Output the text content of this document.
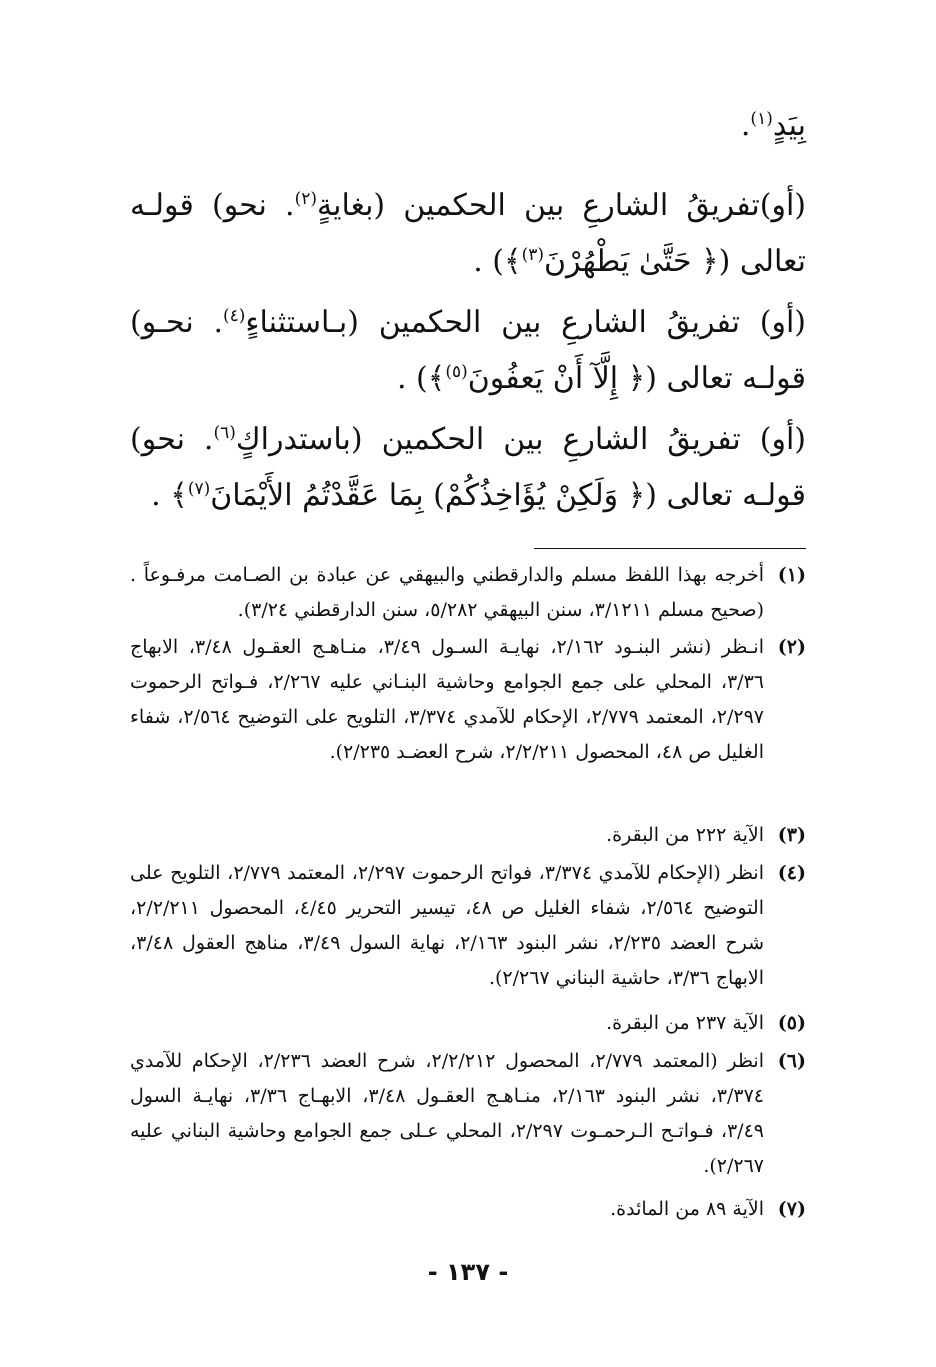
بِيَدٍ$^{(١)}$.
(أو)تفريقُ الشارعِ بين الحكمين (بغايةٍ$^{(٢)}$. نحو) قولـه تعالى (﴿ حَتَّىٰ يَطْهُرْنَ$^{(٣)}$﴾) .
(أو) تفريقُ الشارعِ بين الحكمين (بـاستثناءٍ$^{(٤)}$. نحـو) قولـه تعالى (﴿ إِلَّآ أَنْ يَعفُونَ$^{(٥)}$﴾) .
(أو) تفريقُ الشارعِ بين الحكمين (باستدراكٍ$^{(٦)}$. نحو) قولـه تعالى (﴿ وَلَكِنْ يُؤَاخِذُكُمْ) بِمَا عَقَّدْتُمُ الأَيْمَانَ$^{(٧)}$﴾ .
(١)
أخرجه بهذا اللفظ مسلم والدارقطني والبيهقي عن عبادة بن الصـامت مرفـوعاً . (صحيح مسلم ٣/١٢١١، سنن البيهقي ٥/٢٨٢، سنن الدارقطني ٣/٢٤).
(٢)
انـظر (نشر البنـود ٢/١٦٢، نهايـة السـول ٣/٤٩، منـاهـج العقـول ٣/٤٨، الابهاج ٣/٣٦، المحلي على جمع الجوامع وحاشية البنـاني عليه ٢/٢٦٧، فـواتح الرحموت ٢/٢٩٧، المعتمد ٢/٧٧٩، الإحكام للآمدي ٣/٣٧٤، التلويح على التوضيح ٢/٥٦٤، شفاء الغليل ص ٤٨، المحصول ٢/٢/٢١١، شرح العضـد ٢/٢٣٥).
(٣)
الآية ٢٢٢ من البقرة.
(٤)
انظر (الإحكام للآمدي ٣/٣٧٤، فواتح الرحموت ٢/٢٩٧، المعتمد ٢/٧٧٩، التلويح على التوضيح ٢/٥٦٤، شفاء الغليل ص ٤٨، تيسير التحرير ٤/٤٥، المحصول ٢/٢/٢١١، شرح العضد ٢/٢٣٥، نشر البنود ٢/١٦٣، نهاية السول ٣/٤٩، مناهج العقول ٣/٤٨، الابهاج ٣/٣٦، حاشية البناني ٢/٢٦٧).
(٥)
الآية ٢٣٧ من البقرة.
(٦)
انظر (المعتمد ٢/٧٧٩، المحصول ٢/٢/٢١٢، شرح العضد ٢/٢٣٦، الإحكام للآمدي ٣/٣٧٤، نشر البنود ٢/١٦٣، منـاهـج العقـول ٣/٤٨، الابهـاج ٣/٣٦، نهايـة السول ٣/٤٩، فـواتـح الـرحمـوت ٢/٢٩٧، المحلي عـلى جمع الجوامع وحاشية البناني عليه ٢/٢٦٧).
(٧)
الآية ٨٩ من المائدة.
- ١٣٧ -
